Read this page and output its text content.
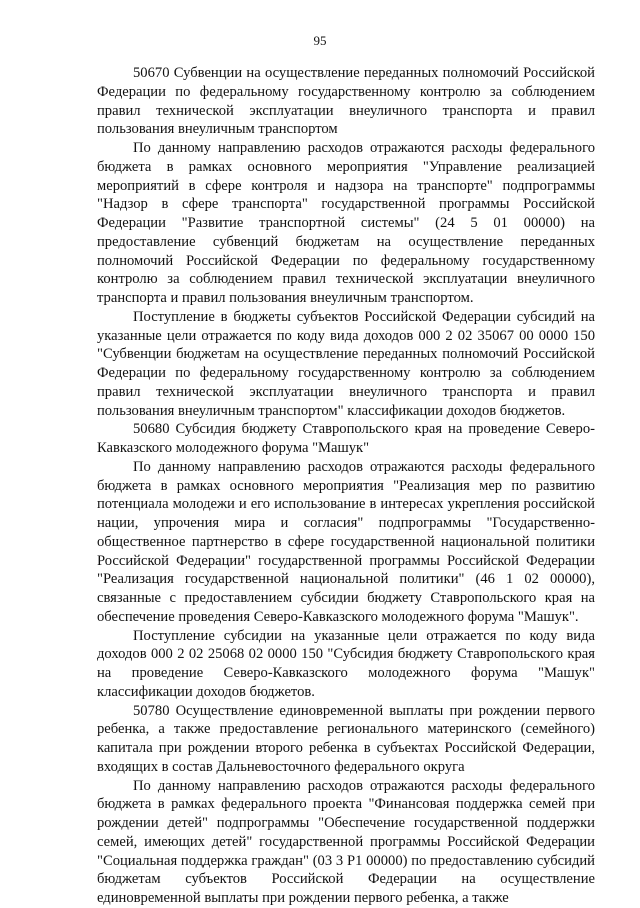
95

50670 Субвенции на осуществление переданных полномочий Российской Федерации по федеральному государственному контролю за соблюдением правил технической эксплуатации внеуличного транспорта и правил пользования внеуличным транспортом

По данному направлению расходов отражаются расходы федерального бюджета в рамках основного мероприятия "Управление реализацией мероприятий в сфере контроля и надзора на транспорте" подпрограммы "Надзор в сфере транспорта" государственной программы Российской Федерации "Развитие транспортной системы" (24 5 01 00000) на предоставление субвенций бюджетам на осуществление переданных полномочий Российской Федерации по федеральному государственному контролю за соблюдением правил технической эксплуатации внеуличного транспорта и правил пользования внеуличным транспортом.

Поступление в бюджеты субъектов Российской Федерации субсидий на указанные цели отражается по коду вида доходов 000 2 02 35067 00 0000 150 "Субвенции бюджетам на осуществление переданных полномочий Российской Федерации по федеральному государственному контролю за соблюдением правил технической эксплуатации внеуличного транспорта и правил пользования внеуличным транспортом" классификации доходов бюджетов.

50680 Субсидия бюджету Ставропольского края на проведение Северо-Кавказского молодежного форума "Машук"

По данному направлению расходов отражаются расходы федерального бюджета в рамках основного мероприятия "Реализация мер по развитию потенциала молодежи и его использование в интересах укрепления российской нации, упрочения мира и согласия" подпрограммы "Государственно-общественное партнерство в сфере государственной национальной политики Российской Федерации" государственной программы Российской Федерации "Реализация государственной национальной политики" (46 1 02 00000), связанные с предоставлением субсидии бюджету Ставропольского края на обеспечение проведения Северо-Кавказского молодежного форума "Машук".

Поступление субсидии на указанные цели отражается по коду вида доходов 000 2 02 25068 02 0000 150 "Субсидия бюджету Ставропольского края на проведение Северо-Кавказского молодежного форума "Машук" классификации доходов бюджетов.

50780 Осуществление единовременной выплаты при рождении первого ребенка, а также предоставление регионального материнского (семейного) капитала при рождении второго ребенка в субъектах Российской Федерации, входящих в состав Дальневосточного федерального округа

По данному направлению расходов отражаются расходы федерального бюджета в рамках федерального проекта "Финансовая поддержка семей при рождении детей" подпрограммы "Обеспечение государственной поддержки семей, имеющих детей" государственной программы Российской Федерации "Социальная поддержка граждан" (03 3 Р1 00000) по предоставлению субсидий бюджетам субъектов Российской Федерации на осуществление единовременной выплаты при рождении первого ребенка, а также
